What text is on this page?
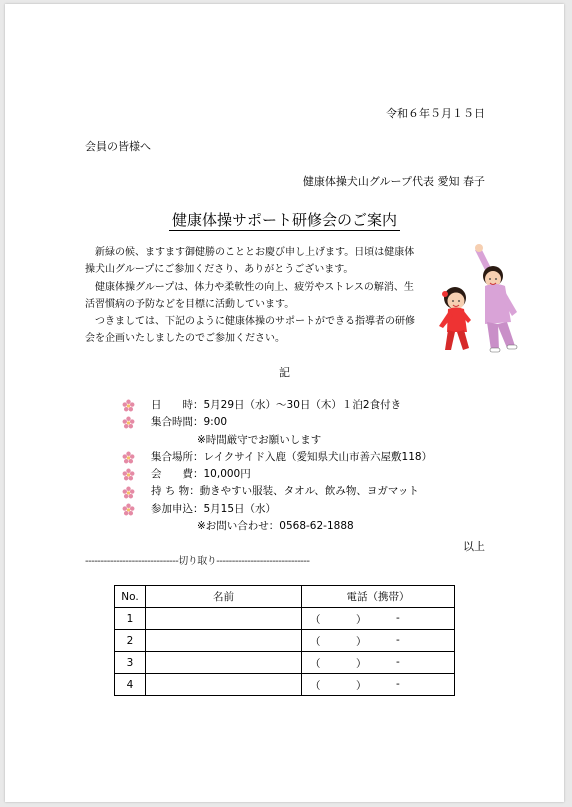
令和６年５月１５日
会員の皆様へ
健康体操犬山グループ代表 愛知 春子
健康体操サポート研修会のご案内

　新緑の候、ますます御健勝のこととお慶び申し上げます。日頃は健康体操犬山グループにご参加くださり、ありがとうございます。

　健康体操グループは、体力や柔軟性の向上、疲労やストレスの解消、生活習慣病の予防などを目標に活動しています。

　つきましては、下記のように健康体操のサポートができる指導者の研修会を企画いたしましたのでご参加ください。

記
日　　時 ： 5月29日（水）～30日（木）１泊2食付き
集合時間 ： 9:00
※時間厳守でお願いします
集合場所 ： レイクサイド入鹿（愛知県犬山市善六屋敷118）
会　　費 ： 10,000円
持 ち 物 ： 動きやすい服装、タオル、飲み物、ヨガマット
参加申込 ： 5月15日（水）
※お問い合わせ：0568-62-1888
以上
------------------------------切り取り------------------------------
No.	名前	電話（携帯）
1		（ ） -

2		（ ） -

3		（ ） -

4		（ ） -
